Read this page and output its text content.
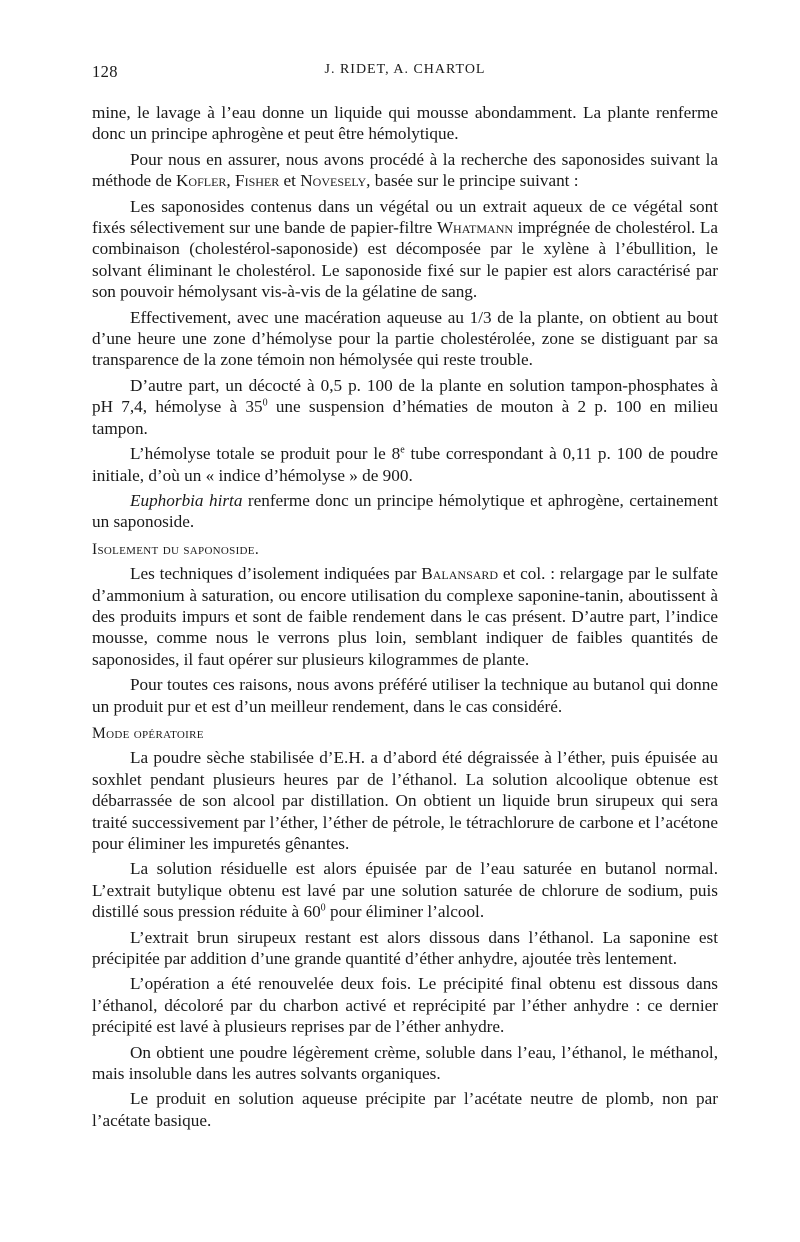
128	J. RIDET, A. CHARTOL

mine, le lavage à l’eau donne un liquide qui mousse abondamment. La plante renferme donc un principe aphrogène et peut être hémolytique.

Pour nous en assurer, nous avons procédé à la recherche des saponosides suivant la méthode de Kofler, Fisher et Novesely, basée sur le principe suivant :

Les saponosides contenus dans un végétal ou un extrait aqueux de ce végétal sont fixés sélectivement sur une bande de papier-filtre Whatmann imprégnée de cholestérol. La combinaison (cholestérol-saponoside) est décomposée par le xylène à l’ébullition, le solvant éliminant le cholestérol. Le saponoside fixé sur le papier est alors caractérisé par son pouvoir hémolysant vis-à-vis de la gélatine de sang.

Effectivement, avec une macération aqueuse au 1/3 de la plante, on obtient au bout d’une heure une zone d’hémolyse pour la partie cholestérolée, zone se distiguant par sa transparence de la zone témoin non hémolysée qui reste trouble.

D’autre part, un décocté à 0,5 p. 100 de la plante en solution tampon-phosphates à pH 7,4, hémolyse à $35^0$ une suspension d’hématies de mouton à 2 p. 100 en milieu tampon.

L’hémolyse totale se produit pour le 8e tube correspondant à 0,11 p. 100 de poudre initiale, d’où un « indice d’hémolyse » de 900.

Euphorbia hirta renferme donc un principe hémolytique et aphrogène, certainement un saponoside.

Isolement du saponoside.

Les techniques d’isolement indiquées par Balansard et col. : relargage par le sulfate d’ammonium à saturation, ou encore utilisation du complexe saponine-tanin, aboutissent à des produits impurs et sont de faible rendement dans le cas présent. D’autre part, l’indice mousse, comme nous le verrons plus loin, semblant indiquer de faibles quantités de saponosides, il faut opérer sur plusieurs kilogrammes de plante.

Pour toutes ces raisons, nous avons préféré utiliser la technique au butanol qui donne un produit pur et est d’un meilleur rendement, dans le cas considéré.

Mode opératoire

La poudre sèche stabilisée d’E.H. a d’abord été dégraissée à l’éther, puis épuisée au soxhlet pendant plusieurs heures par de l’éthanol. La solution alcoolique obtenue est débarrassée de son alcool par distillation. On obtient un liquide brun sirupeux qui sera traité successivement par l’éther, l’éther de pétrole, le tétrachlorure de carbone et l’acétone pour éliminer les impuretés gênantes.

La solution résiduelle est alors épuisée par de l’eau saturée en butanol normal. L’extrait butylique obtenu est lavé par une solution saturée de chlorure de sodium, puis distillé sous pression réduite à $60^0$ pour éliminer l’alcool.

L’extrait brun sirupeux restant est alors dissous dans l’éthanol. La saponine est précipitée par addition d’une grande quantité d’éther anhydre, ajoutée très lentement.

L’opération a été renouvelée deux fois. Le précipité final obtenu est dissous dans l’éthanol, décoloré par du charbon activé et reprécipité par l’éther anhydre : ce dernier précipité est lavé à plusieurs reprises par de l’éther anhydre.

On obtient une poudre légèrement crème, soluble dans l’eau, l’éthanol, le méthanol, mais insoluble dans les autres solvants organiques.

Le produit en solution aqueuse précipite par l’acétate neutre de plomb, non par l’acétate basique.
